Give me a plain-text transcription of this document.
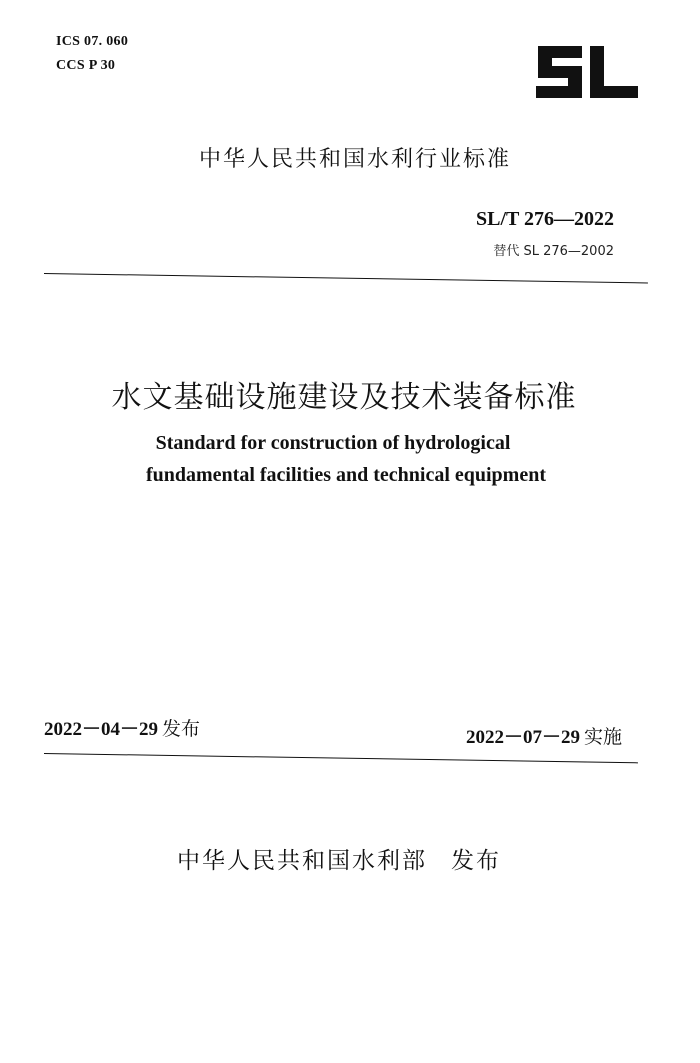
ICS 07. 060
CCS P 30
中华人民共和国水利行业标准
SL/T 276—2022
替代 SL 276—2002
水文基础设施建设及技术装备标准
Standard for construction of hydrological
fundamental facilities and technical equipment
2022－04－29 发布	2022－07－29 实施
中华人民共和国水利部 发布
